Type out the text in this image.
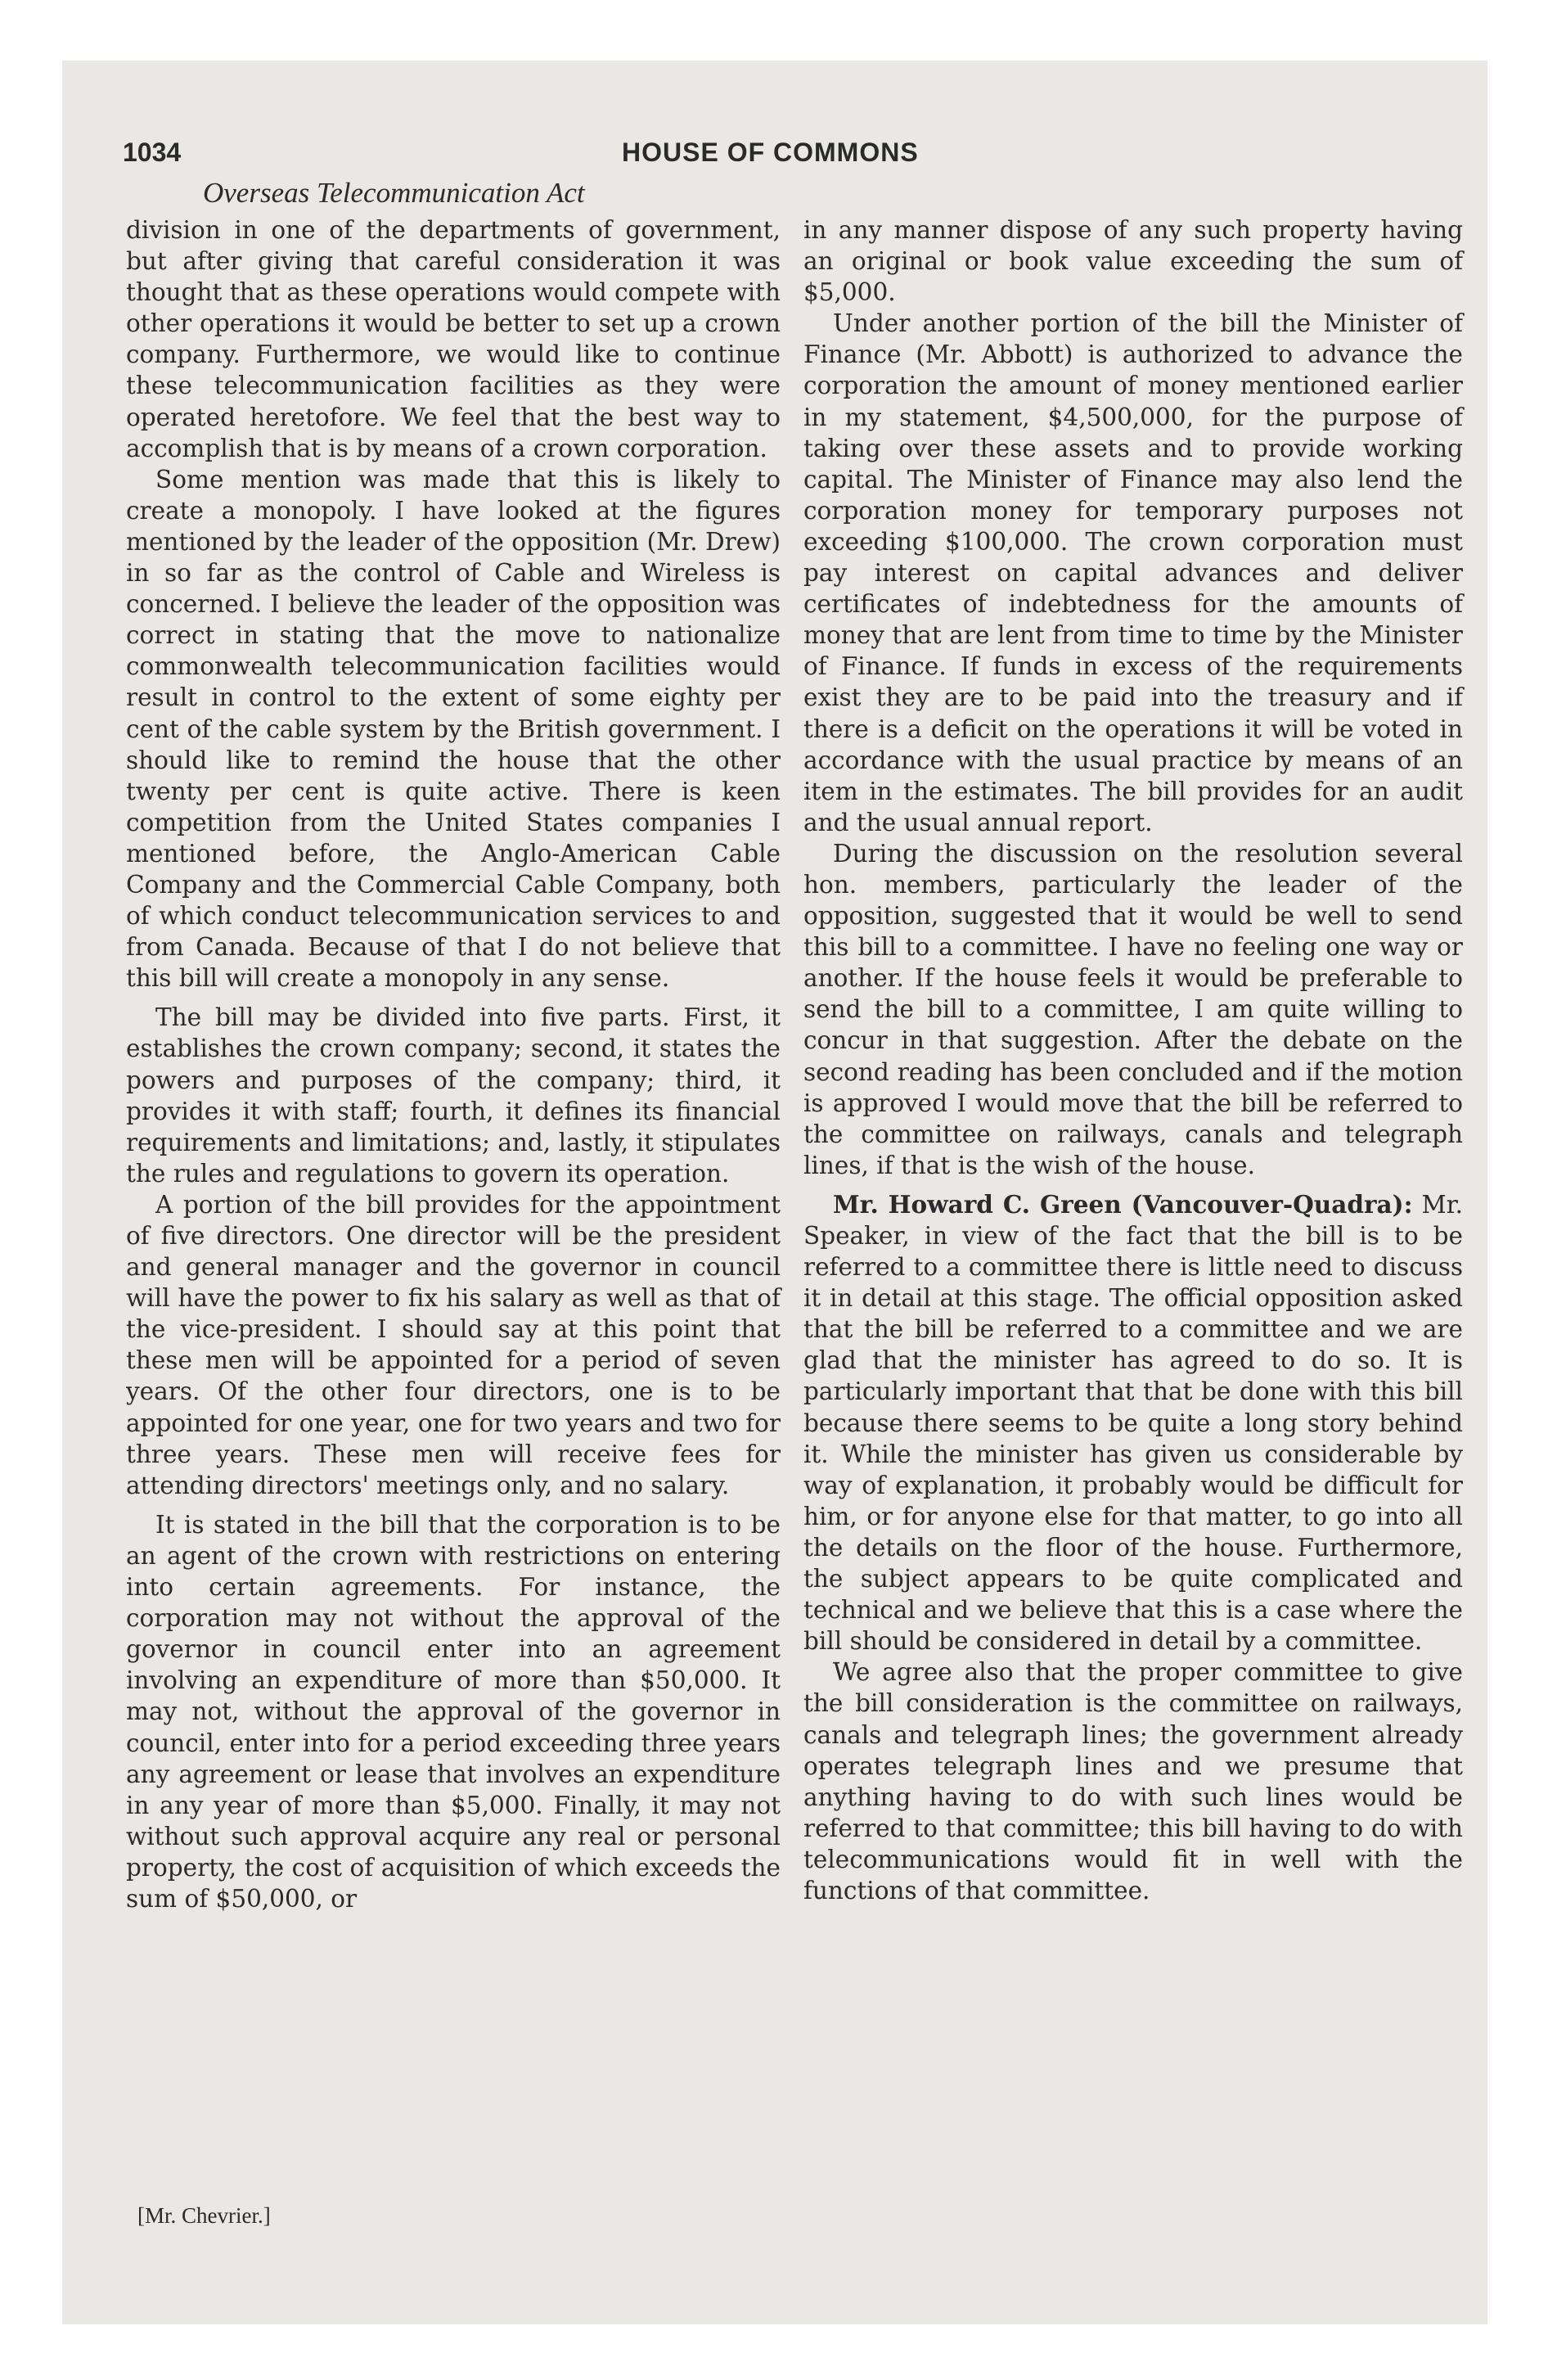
1034	HOUSE OF COMMONS
Overseas Telecommunication Act

division in one of the departments of government, but after giving that careful consideration it was thought that as these operations would compete with other operations it would be better to set up a crown company. Furthermore, we would like to continue these telecommunication facilities as they were operated heretofore. We feel that the best way to accomplish that is by means of a crown corporation.

Some mention was made that this is likely to create a monopoly. I have looked at the figures mentioned by the leader of the opposition (Mr. Drew) in so far as the control of Cable and Wireless is concerned. I believe the leader of the opposition was correct in stating that the move to nationalize commonwealth telecommunication facilities would result in control to the extent of some eighty per cent of the cable system by the British government. I should like to remind the house that the other twenty per cent is quite active. There is keen competition from the United States companies I mentioned before, the Anglo-American Cable Company and the Commercial Cable Company, both of which conduct telecommunication services to and from Canada. Because of that I do not believe that this bill will create a monopoly in any sense.

The bill may be divided into five parts. First, it establishes the crown company; second, it states the powers and purposes of the company; third, it provides it with staff; fourth, it defines its financial requirements and limitations; and, lastly, it stipulates the rules and regulations to govern its operation.

A portion of the bill provides for the appointment of five directors. One director will be the president and general manager and the governor in council will have the power to fix his salary as well as that of the vice-president. I should say at this point that these men will be appointed for a period of seven years. Of the other four directors, one is to be appointed for one year, one for two years and two for three years. These men will receive fees for attending directors' meetings only, and no salary.

It is stated in the bill that the corporation is to be an agent of the crown with restrictions on entering into certain agreements. For instance, the corporation may not without the approval of the governor in council enter into an agreement involving an expenditure of more than $50,000. It may not, without the approval of the governor in council, enter into for a period exceeding three years any agreement or lease that involves an expenditure in any year of more than $5,000. Finally, it may not without such approval acquire any real or personal property, the cost of acquisition of which exceeds the sum of $50,000, or

in any manner dispose of any such property having an original or book value exceeding the sum of $5,000.

Under another portion of the bill the Minister of Finance (Mr. Abbott) is authorized to advance the corporation the amount of money mentioned earlier in my statement, $4,500,000, for the purpose of taking over these assets and to provide working capital. The Minister of Finance may also lend the corporation money for temporary purposes not exceeding $100,000. The crown corporation must pay interest on capital advances and deliver certificates of indebtedness for the amounts of money that are lent from time to time by the Minister of Finance. If funds in excess of the requirements exist they are to be paid into the treasury and if there is a deficit on the operations it will be voted in accordance with the usual practice by means of an item in the estimates. The bill provides for an audit and the usual annual report.

During the discussion on the resolution several hon. members, particularly the leader of the opposition, suggested that it would be well to send this bill to a committee. I have no feeling one way or another. If the house feels it would be preferable to send the bill to a committee, I am quite willing to concur in that suggestion. After the debate on the second reading has been concluded and if the motion is approved I would move that the bill be referred to the committee on railways, canals and telegraph lines, if that is the wish of the house.

Mr. Howard C. Green (Vancouver-Quadra): Mr. Speaker, in view of the fact that the bill is to be referred to a committee there is little need to discuss it in detail at this stage. The official opposition asked that the bill be referred to a committee and we are glad that the minister has agreed to do so. It is particularly important that that be done with this bill because there seems to be quite a long story behind it. While the minister has given us considerable by way of explanation, it probably would be difficult for him, or for anyone else for that matter, to go into all the details on the floor of the house. Furthermore, the subject appears to be quite complicated and technical and we believe that this is a case where the bill should be considered in detail by a committee.

We agree also that the proper committee to give the bill consideration is the committee on railways, canals and telegraph lines; the government already operates telegraph lines and we presume that anything having to do with such lines would be referred to that committee; this bill having to do with telecommunications would fit in well with the functions of that committee.

[Mr. Chevrier.]
